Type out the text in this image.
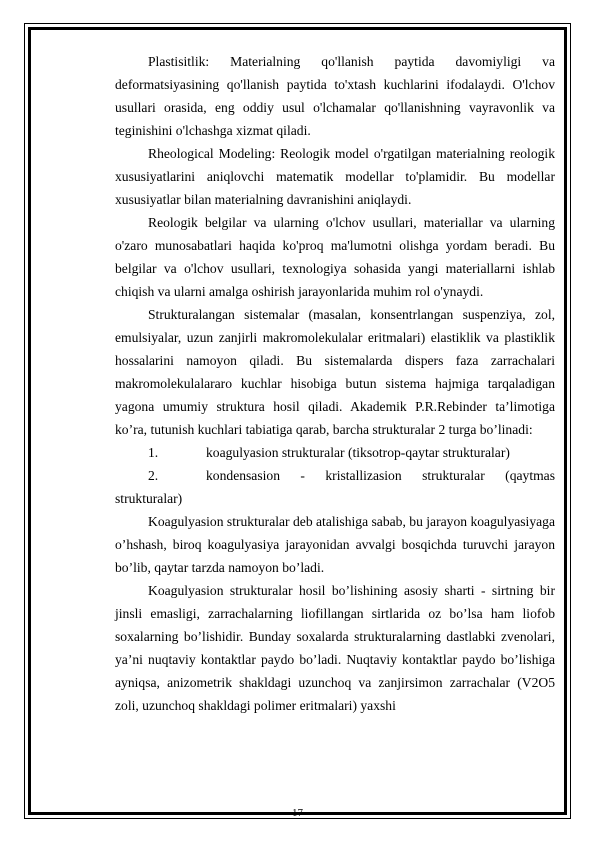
Plastisitlik: Materialning qo'llanish paytida davomiyligi va deformatsiyasining qo'llanish paytida to'xtash kuchlarini ifodalaydi. O'lchov usullari orasida, eng oddiy usul o'lchamalar qo'llanishning vayravonlik va teginishini o'lchashga xizmat qiladi.

Rheological Modeling: Reologik model o'rgatilgan materialning reologik xususiyatlarini aniqlovchi matematik modellar to'plamidir. Bu modellar xususiyatlar bilan materialning davranishini aniqlaydi.

Reologik belgilar va ularning o'lchov usullari, materiallar va ularning o'zaro munosabatlari haqida ko'proq ma'lumotni olishga yordam beradi. Bu belgilar va o'lchov usullari, texnologiya sohasida yangi materiallarni ishlab chiqish va ularni amalga oshirish jarayonlarida muhim rol o'ynaydi.

Strukturalangan sistemalar (masalan, konsentrlangan suspenziya, zol, emulsiyalar, uzun zanjirli makromolekulalar eritmalari) elastiklik va plastiklik hossalarini namoyon qiladi. Bu sistemalarda dispers faza zarrachalari makromolekulalararo kuchlar hisobiga butun sistema hajmiga tarqaladigan yagona umumiy struktura hosil qiladi. Akademik P.R.Rebinder ta’limotiga ko’ra, tutunish kuchlari tabiatiga qarab, barcha strukturalar 2 turga bo’linadi:

1.	koagulyasion strukturalar (tiksotrop-qaytar strukturalar)

2.	kondensasion - kristallizasion strukturalar (qaytmas strukturalar)

Koagulyasion strukturalar deb atalishiga sabab, bu jarayon koagulyasiyaga o’hshash, biroq koagulyasiya jarayonidan avvalgi bosqichda turuvchi jarayon bo’lib, qaytar tarzda namoyon bo’ladi.

Koagulyasion strukturalar hosil bo’lishining asosiy sharti - sirtning bir jinsli emasligi, zarrachalarning liofillangan sirtlarida oz bo’lsa ham liofob soxalarning bo’lishidir. Bunday soxalarda strukturalarning dastlabki zvenolari, ya’ni nuqtaviy kontaktlar paydo bo’ladi. Nuqtaviy kontaktlar paydo bo’lishiga ayniqsa, anizometrik shakldagi uzunchoq va zanjirsimon zarrachalar (V2O5 zoli, uzunchoq shakldagi polimer eritmalari) yaxshi

17
